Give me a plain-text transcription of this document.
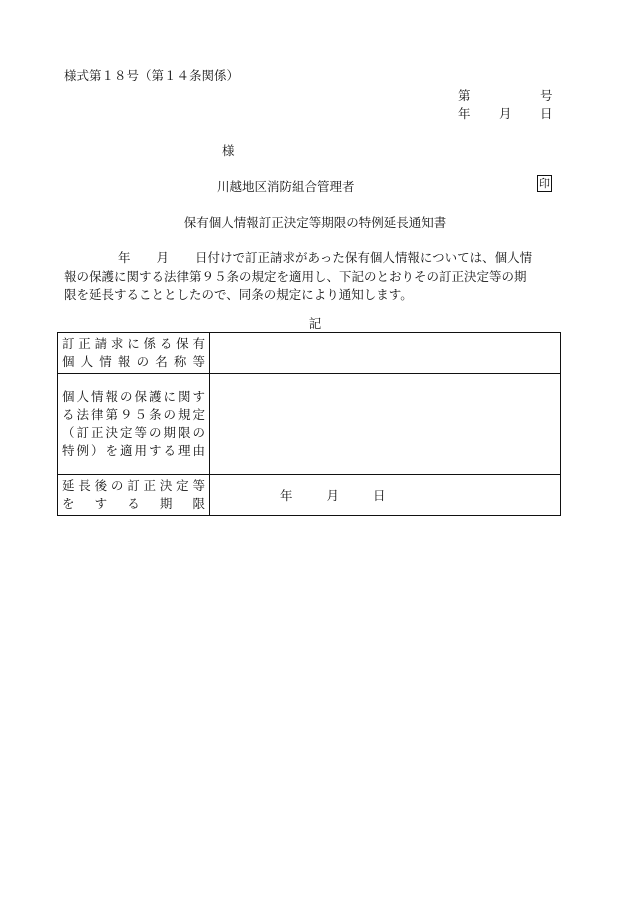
様式第１８号（第１４条関係）
第	号
年 月 日
様
川越地区消防組合管理者	印
保有個人情報訂正決定等期限の特例延長通知書
年 月 日付けで訂正請求があった保有個人情報については、個人情
報の保護に関する法律第９５条の規定を適用し、下記のとおりその訂正決定等の期
限を延長することとしたので、同条の規定により通知します。
記
訂正請求に係る保有
個人情報の名称等	

個人情報の保護に関す
る法律第９５条の規定
（訂正決定等の期限の
特例）を適用する理由	

延長後の訂正決定等
をする期限	年 月 日
